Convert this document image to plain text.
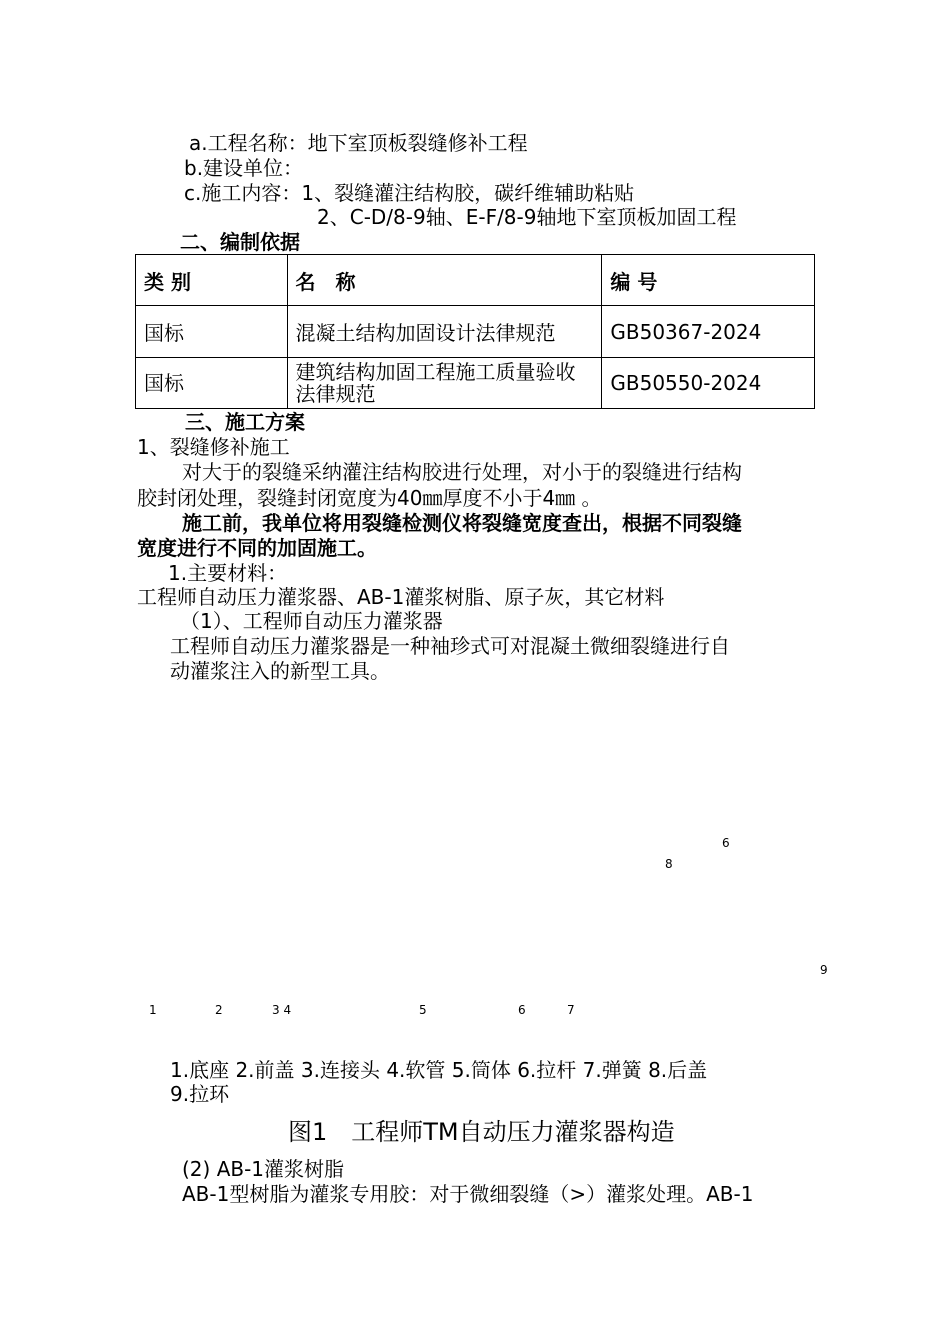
a.工程名称：地下室顶板裂缝修补工程
b.建设单位：
c.施工内容：1、裂缝灌注结构胶，碳纤维辅助粘贴
2、C-D/8-9轴、E-F/8-9轴地下室顶板加固工程
二、编制依据
类 别	名　称	编 号
国标	混凝土结构加固设计法律规范	GB50367-2024
国标	建筑结构加固工程施工质量验收法律规范	GB50550-2024
三、施工方案
1、裂缝修补施工
对大于的裂缝采纳灌注结构胶进行处理，对小于的裂缝进行结构
胶封闭处理，裂缝封闭宽度为40㎜厚度不小于4㎜ 。
施工前，我单位将用裂缝检测仪将裂缝宽度查出，根据不同裂缝
宽度进行不同的加固施工。
1.主要材料：
工程师自动压力灌浆器、AB-1灌浆树脂、原子灰，其它材料
（1）、工程师自动压力灌浆器
工程师自动压力灌浆器是一种袖珍式可对混凝土微细裂缝进行自
动灌浆注入的新型工具。
6
8
9
1	2	3 4	5	6	7
1.底座 2.前盖 3.连接头 4.软管 5.筒体 6.拉杆 7.弹簧 8.后盖
9.拉环
图1　工程师TM自动压力灌浆器构造
(2) AB-1灌浆树脂
AB-1型树脂为灌浆专用胶：对于微细裂缝（>）灌浆处理。AB-1
